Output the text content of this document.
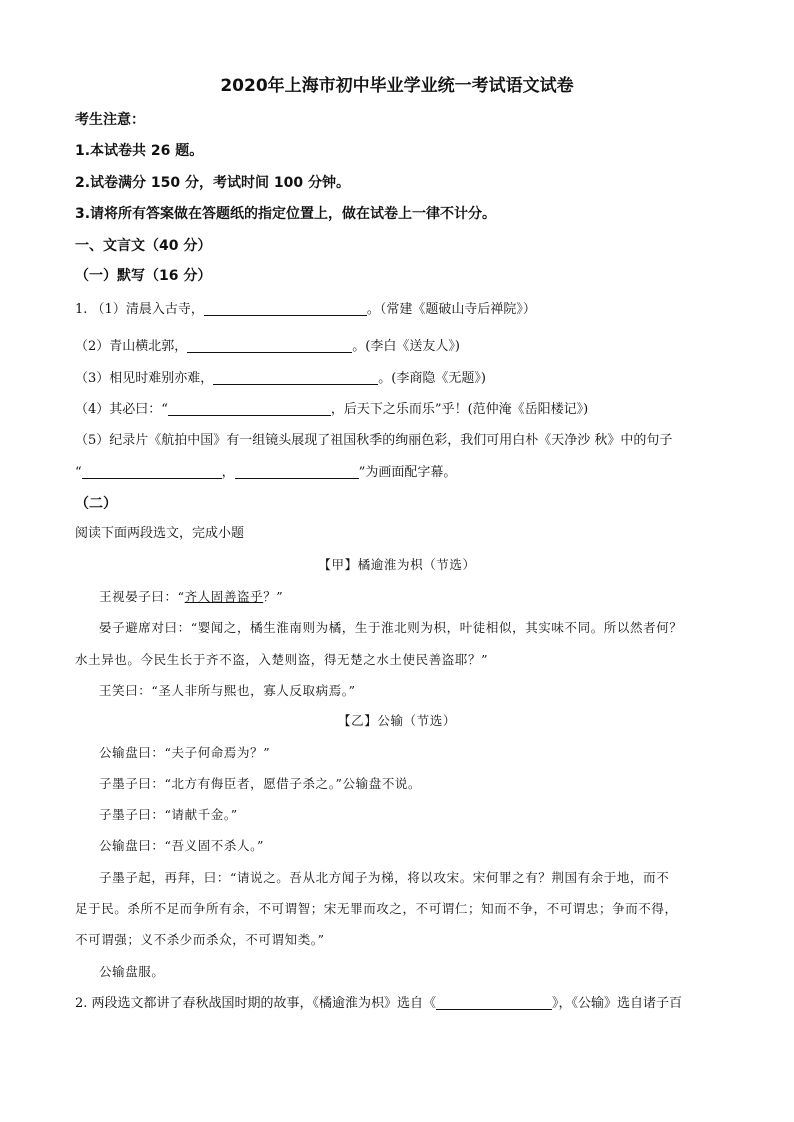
2020年上海市初中毕业学业统一考试语文试卷
考生注意：
1.本试卷共 26 题。
2.试卷满分 150 分，考试时间 100 分钟。
3.请将所有答案做在答题纸的指定位置上，做在试卷上一律不计分。
一、文言文（40 分）
（一）默写（16 分）
1. （1）清晨入古寺，	。（常建《题破山寺后禅院》）
（2）青山横北郭，	。(李白《送友人》)
（3）相见时难别亦难，	。(李商隐《无题》)
（4）其必曰：“	，后天下之乐而乐”乎！(范仲淹《岳阳楼记》)
（5）纪录片《航拍中国》有一组镜头展现了祖国秋季的绚丽色彩，我们可用白朴《天净沙 秋》中的句子
“	，	”为画面配字幕。
（二）
阅读下面两段选文，完成小题
【甲】橘逾淮为枳（节选）
王视晏子曰：“齐人固善盗乎？”
晏子避席对曰：“婴闻之，橘生淮南则为橘，生于淮北则为枳，叶徒相似，其实味不同。所以然者何？
水土异也。今民生长于齐不盗，入楚则盗，得无楚之水土使民善盗耶？”
王笑曰：“圣人非所与熙也，寡人反取病焉。”
【乙】公输（节选）
公输盘曰：“夫子何命焉为？”
子墨子曰：“北方有侮臣者，愿借子杀之。”公输盘不说。
子墨子曰：“请献千金。”
公输盘曰：“吾义固不杀人。”
子墨子起，再拜，曰：“请说之。吾从北方闻子为梯，将以攻宋。宋何罪之有？荆国有余于地，而不
足于民。杀所不足而争所有余，不可谓智；宋无罪而攻之，不可谓仁；知而不争，不可谓忠；争而不得，
不可谓强；义不杀少而杀众，不可谓知类。”
公输盘服。
2. 两段选文都讲了春秋战国时期的故事，《橘逾淮为枳》选自《	》，《公输》选自诸子百
